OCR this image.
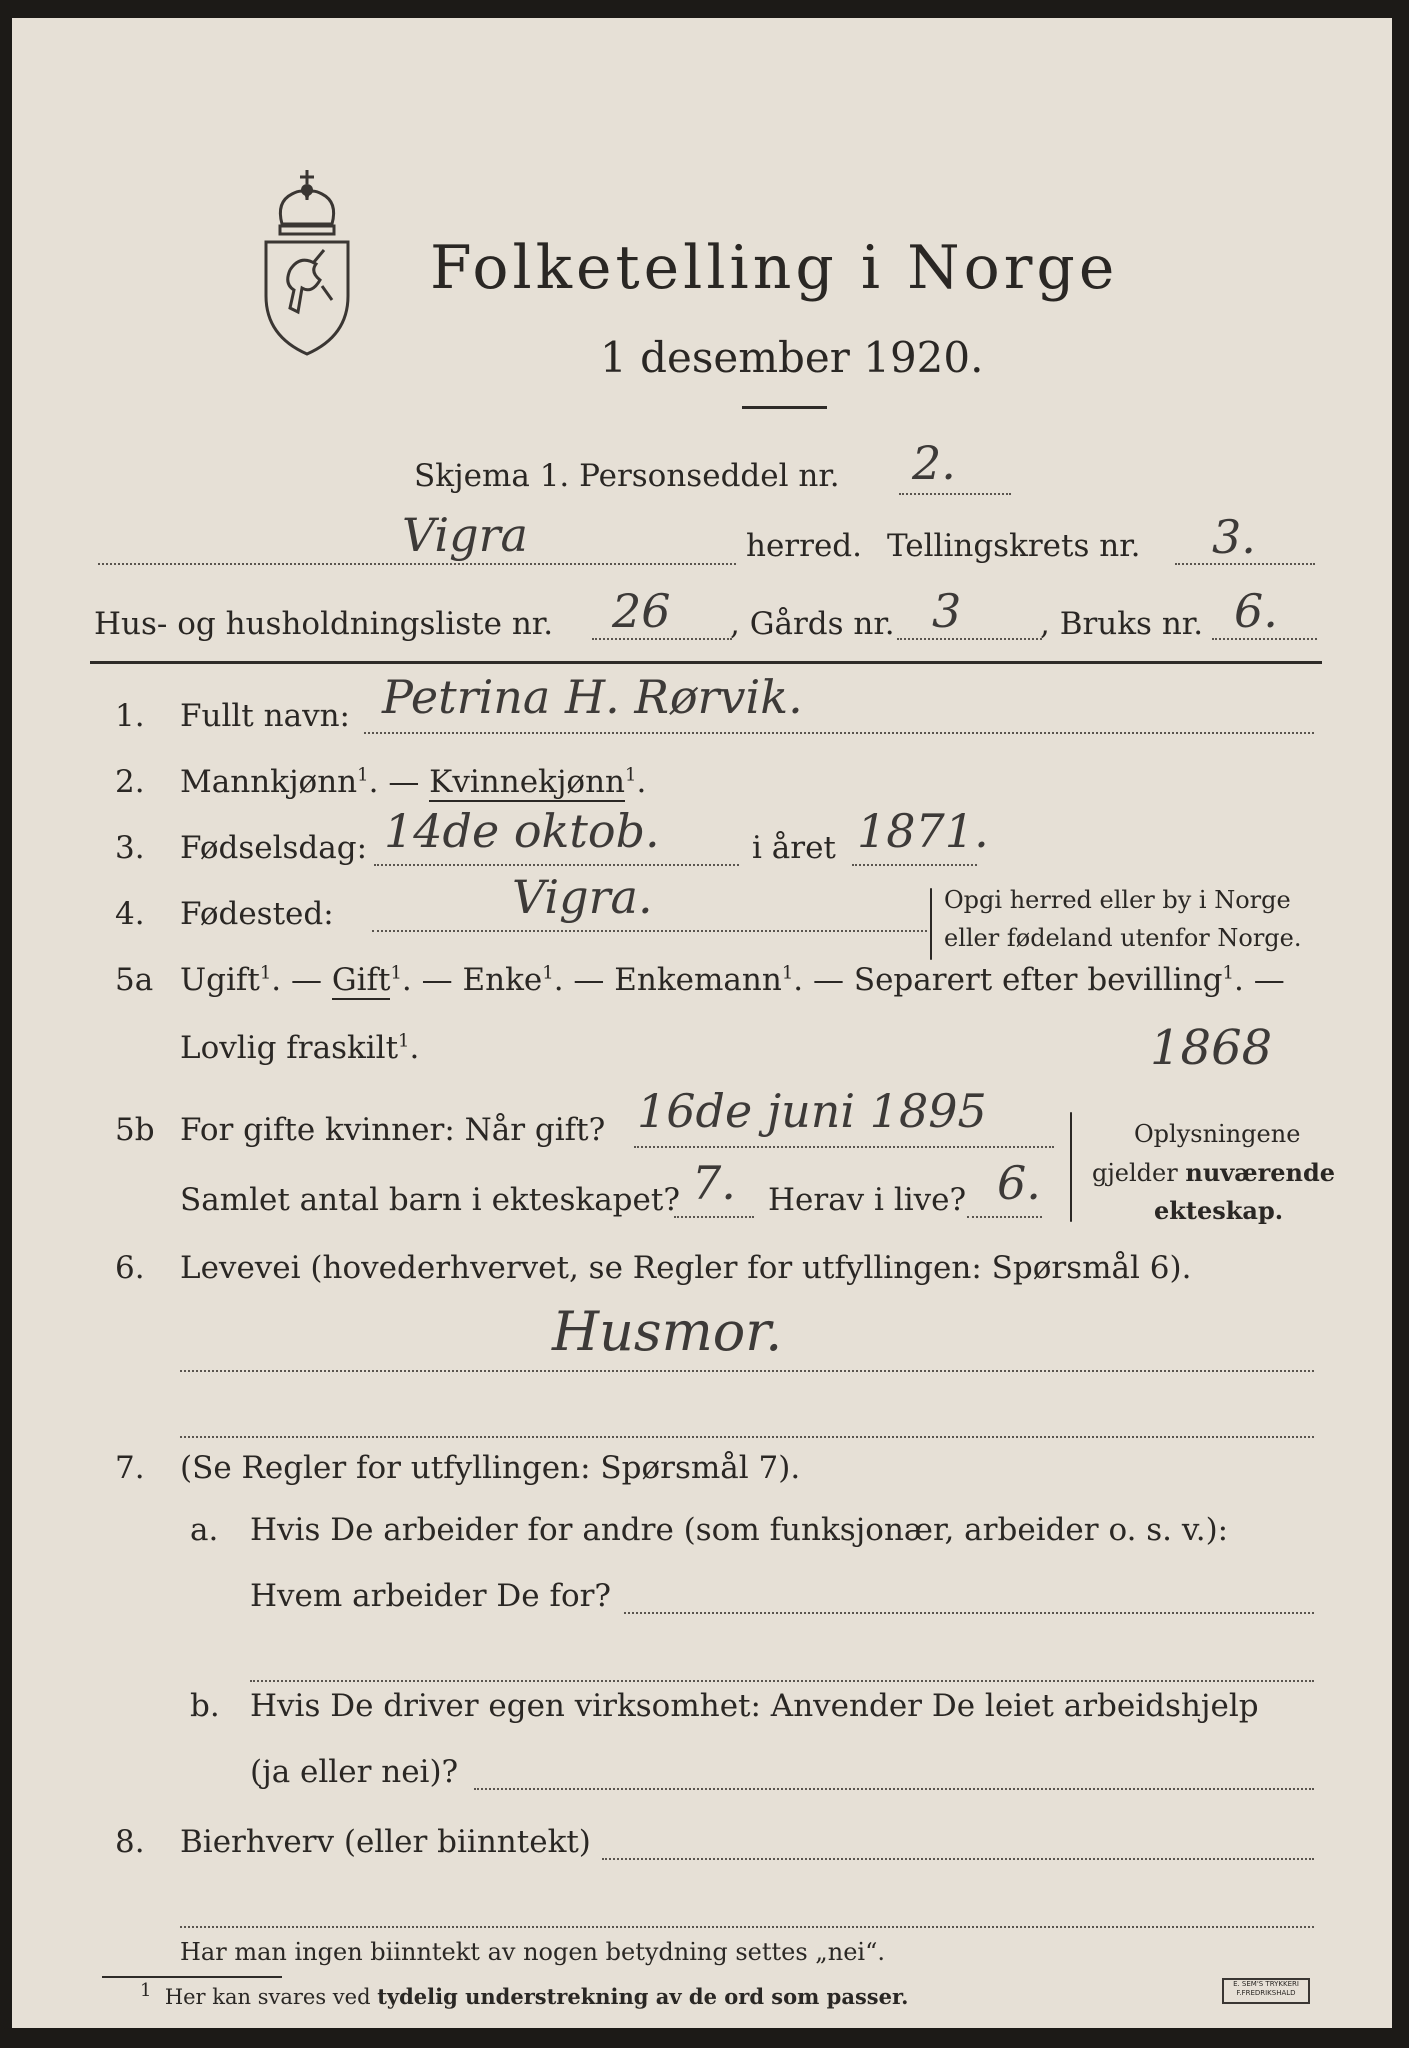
Folketelling i Norge
1 desember 1920.
Skjema 1. Personseddel nr. 2.
Vigra	herred. Tellingskrets nr. 3.
Hus- og husholdningsliste nr. 26 , Gårds nr. 3	, Bruks nr. 6.
1. Fullt navn: Petrina H. Rørvik.
2. Mannkjønn$^1$. — Kvinnekjønn$^1$.
3. Fødselsdag: 14de oktob.	i året 1871.
4. Fødested:	Vigra.	Opgi herred eller by i Norge
eller fødeland utenfor Norge.
5a Ugift$^1$. — Gift$^1$. — Enke$^1$. — Enkemann$^1$. — Separert efter bevilling$^1$. —
Lovlig fraskilt$^1$.	1868
5b For gifte kvinner: Når gift? 16de juni 1895
Samlet antal barn i ekteskapet? 7. Herav i live? 6.
Oplysningene
gjelder nuværende
ekteskap.
6. Levevei (hovederhvervet, se Regler for utfyllingen: Spørsmål 6).
Husmor.
7. (Se Regler for utfyllingen: Spørsmål 7).
a. Hvis De arbeider for andre (som funksjonær, arbeider o. s. v.):
Hvem arbeider De for?
b. Hvis De driver egen virksomhet: Anvender De leiet arbeidshjelp
(ja eller nei)?
8. Bierhverv (eller biinntekt)
Har man ingen biinntekt av nogen betydning settes „nei“.
1 Her kan svares ved tydelig understrekning av de ord som passer.	E. SEM'S TRYKKERI F.FREDRIKSHALD
